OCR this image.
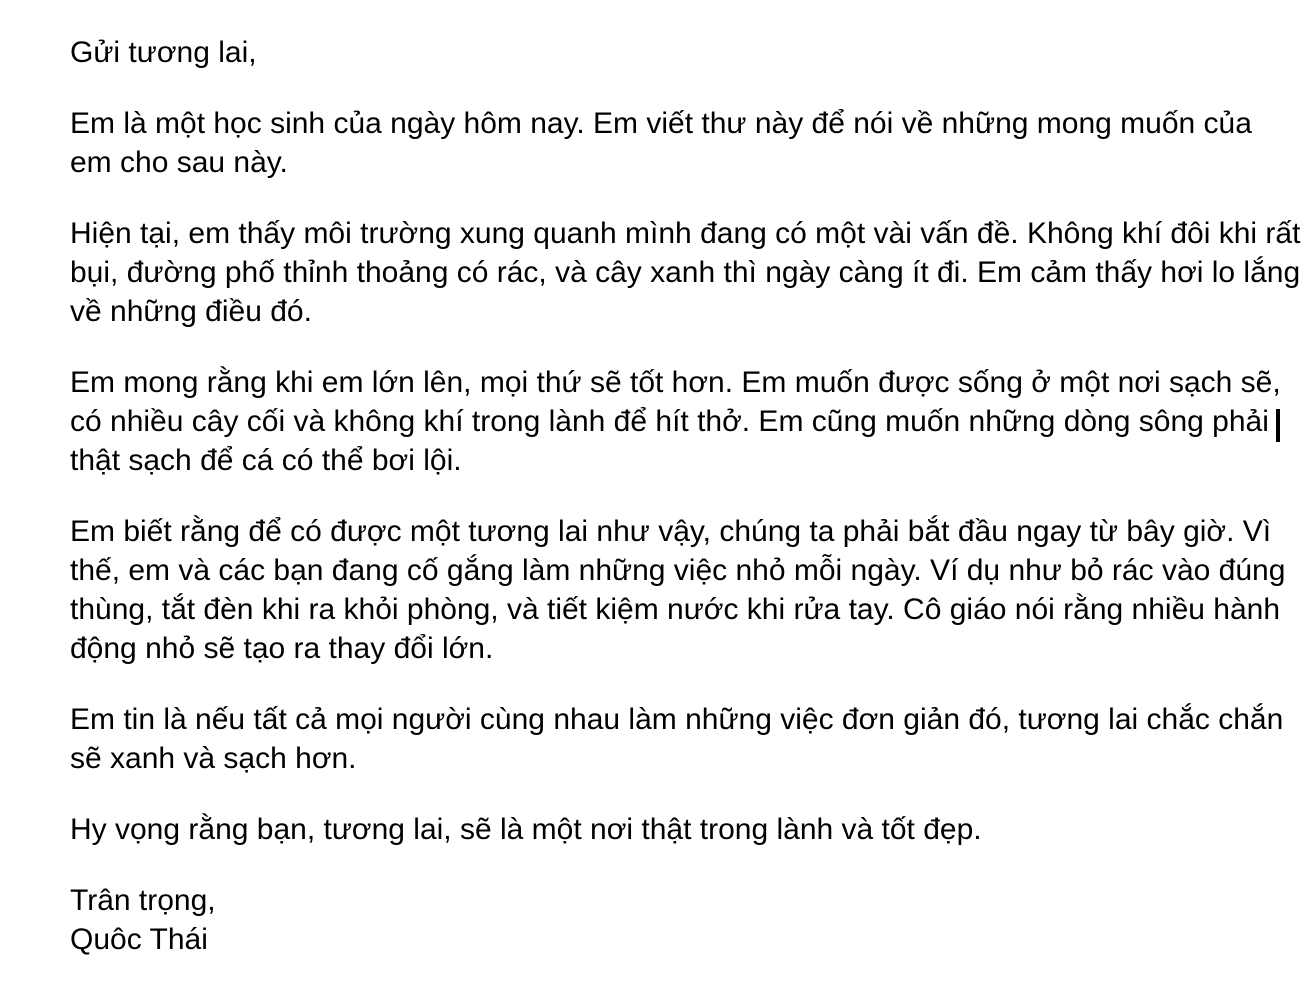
Gửi tương lai,
Em là một học sinh của ngày hôm nay. Em viết thư này để nói về những mong muốn của
em cho sau này.
Hiện tại, em thấy môi trường xung quanh mình đang có một vài vấn đề. Không khí đôi khi rất
bụi, đường phố thỉnh thoảng có rác, và cây xanh thì ngày càng ít đi. Em cảm thấy hơi lo lắng
về những điều đó.
Em mong rằng khi em lớn lên, mọi thứ sẽ tốt hơn. Em muốn được sống ở một nơi sạch sẽ,
có nhiều cây cối và không khí trong lành để hít thở. Em cũng muốn những dòng sông phải
thật sạch để cá có thể bơi lội.
Em biết rằng để có được một tương lai như vậy, chúng ta phải bắt đầu ngay từ bây giờ. Vì
thế, em và các bạn đang cố gắng làm những việc nhỏ mỗi ngày. Ví dụ như bỏ rác vào đúng
thùng, tắt đèn khi ra khỏi phòng, và tiết kiệm nước khi rửa tay. Cô giáo nói rằng nhiều hành
động nhỏ sẽ tạo ra thay đổi lớn.
Em tin là nếu tất cả mọi người cùng nhau làm những việc đơn giản đó, tương lai chắc chắn
sẽ xanh và sạch hơn.
Hy vọng rằng bạn, tương lai, sẽ là một nơi thật trong lành và tốt đẹp.
Trân trọng,
Quôc Thái
